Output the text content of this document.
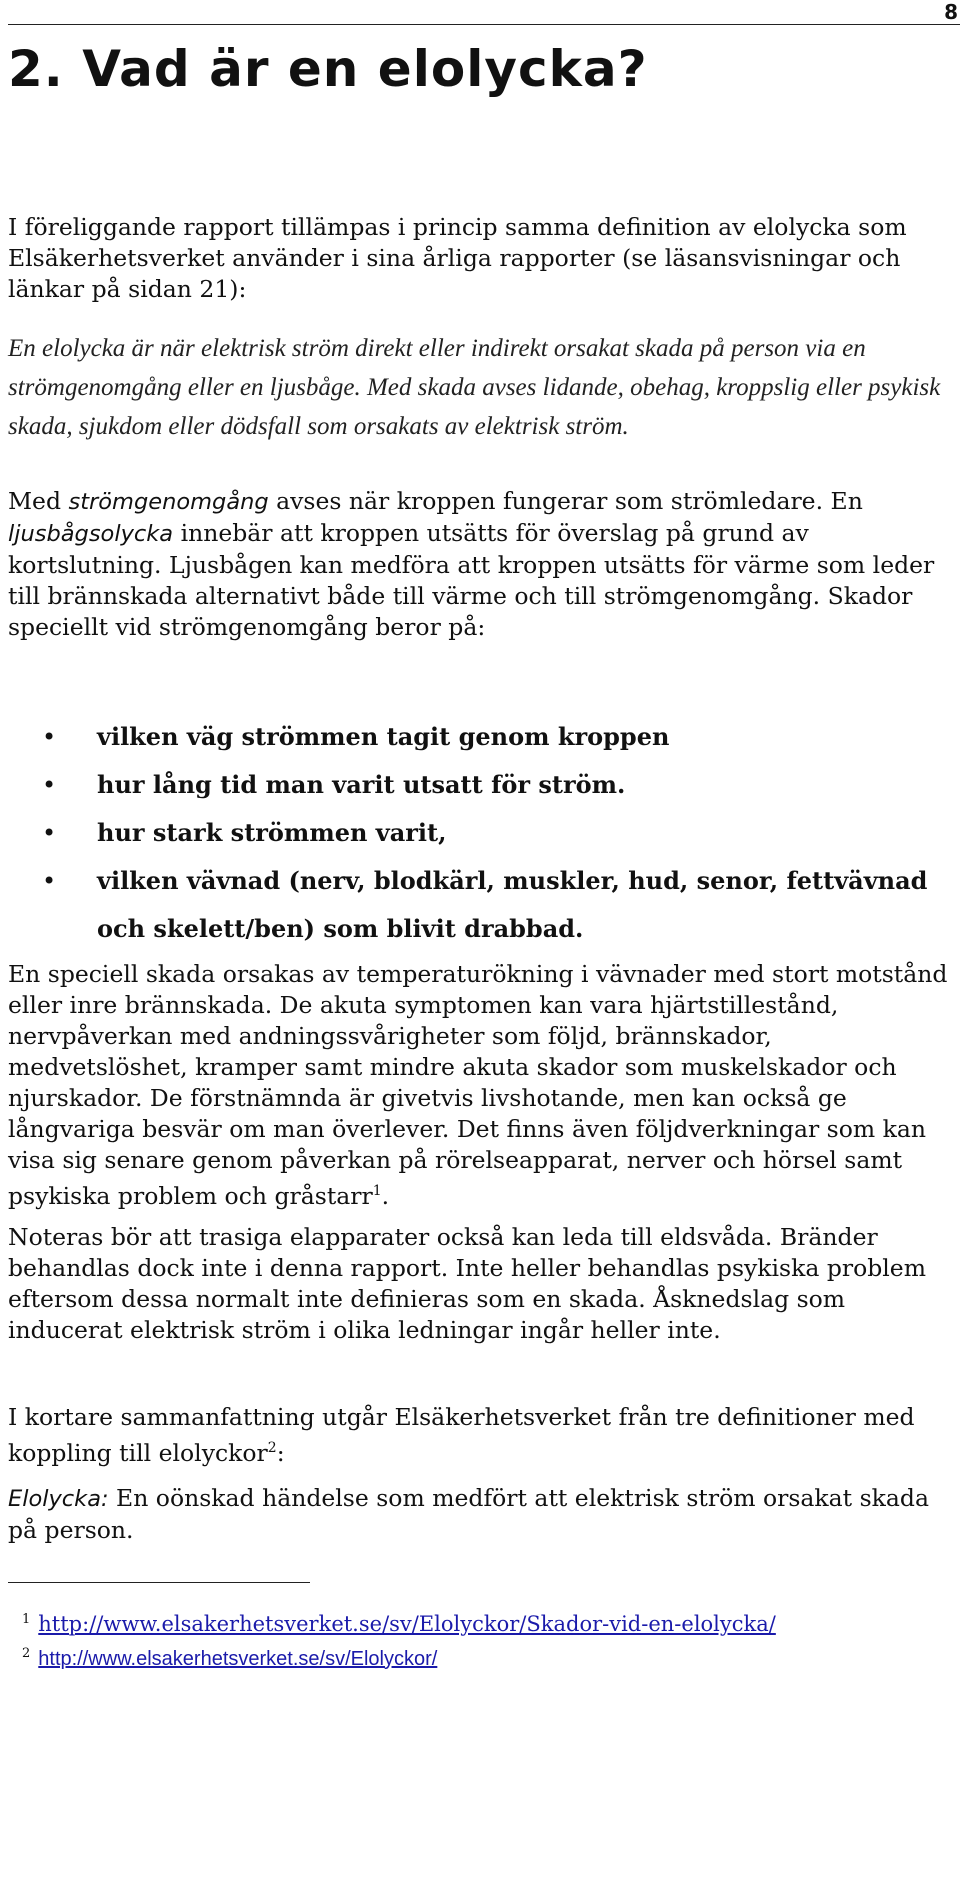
8
2. Vad är en elolycka?

I föreliggande rapport tillämpas i princip samma definition av elolycka som Elsäkerhetsverket använder i sina årliga rapporter (se läsansvisningar och länkar på sidan 21):

En elolycka är när elektrisk ström direkt eller indirekt orsakat skada på person via en strömgenomgång eller en ljusbåge. Med skada avses lidande, obehag, kroppslig eller psykisk skada, sjukdom eller dödsfall som orsakats av elektrisk ström.

Med strömgenomgång avses när kroppen fungerar som strömledare. En ljusbågsolycka innebär att kroppen utsätts för överslag på grund av kortslutning. Ljusbågen kan medföra att kroppen utsätts för värme som leder till brännskada alternativt både till värme och till strömgenomgång. Skador speciellt vid strömgenomgång beror på:

• vilken väg strömmen tagit genom kroppen
• hur lång tid man varit utsatt för ström.
• hur stark strömmen varit,
• vilken vävnad (nerv, blodkärl, muskler, hud, senor, fettvävnad och skelett/ben) som blivit drabbad.

En speciell skada orsakas av temperaturökning i vävnader med stort motstånd eller inre brännskada. De akuta symptomen kan vara hjärtstillestånd, nervpåverkan med andningssvårigheter som följd, brännskador, medvetslöshet, kramper samt mindre akuta skador som muskelskador och njurskador. De förstnämnda är givetvis livshotande, men kan också ge långvariga besvär om man överlever. Det finns även följdverkningar som kan visa sig senare genom påverkan på rörelseapparat, nerver och hörsel samt psykiska problem och gråstarr$^1$.

Noteras bör att trasiga elapparater också kan leda till eldsvåda. Bränder behandlas dock inte i denna rapport. Inte heller behandlas psykiska problem eftersom dessa normalt inte definieras som en skada. Åsknedslag som inducerat elektrisk ström i olika ledningar ingår heller inte.

I kortare sammanfattning utgår Elsäkerhetsverket från tre definitioner med koppling till elolyckor$^2$:

Elolycka: En oönskad händelse som medfört att elektrisk ström orsakat skada på person.

$^1$ http://www.elsakerhetsverket.se/sv/Elolyckor/Skador-vid-en-elolycka/
$^2$ http://www.elsakerhetsverket.se/sv/Elolyckor/
